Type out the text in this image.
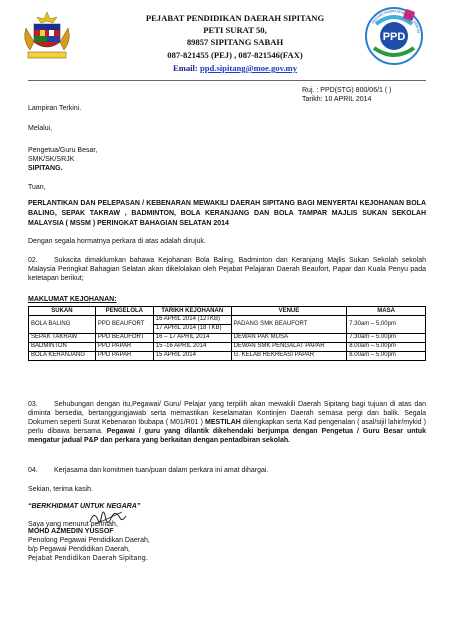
PEJABAT PENDIDIKAN DAERAH SIPITANG
PETI SURAT 50,
89857 SIPITANG SABAH
087-821455 (PEJ) , 087-821546(FAX)
Email: ppd.sipitang@moe.gov.my
PPD	PEJABAT PENDIDIKAN DAERAH SIPITANG
Ruj. : PPD(STG) 800/06/1 ( )
Tarikh: 10 APRIL 2014
Lampiran Terkini.
Melalui,
Pengetua/Guru Besar,
SMK/SK/SRJK
SIPITANG.
Tuan,
PERLANTIKAN DAN PELEPASAN / KEBENARAN MEWAKILI DAERAH SIPITANG BAGI MENYERTAI KEJOHANAN BOLA BALING, SEPAK TAKRAW , BADMINTON, BOLA KERANJANG DAN BOLA TAMPAR MAJLIS SUKAN SEKOLAH MALAYSIA ( MSSM ) PERINGKAT BAHAGIAN SELATAN 2014
Dengan segala hormatnya perkara di atas adalah dirujuk.
02.	Sukacita dimaklumkan bahawa Kejohanan Bola Baling, Badminton dan Keranjang Majlis Sukan Sekolah sekolah Malaysia Peringkat Bahagian Selatan akan dikelolakan oleh Pejabat Pelajaran Daerah Beaufort, Papar dan Kuala Penyu pada ketetapan berikut;
MAKLUMAT KEJOHANAN:
SUKAN	PENGELOLA	TARIKH KEJOHANAN	VENUE	MASA
BOLA BALING	PPD BEAUFORT	16 APRIL 2014 (12TKB)	PADANG SMK BEAUFORT	7.30am – 5.00pm
		17 APRIL 2014 (18 TKB)		
SEPAK TAKRAW	PPD BEAUFORT	16 – 17 APRIL 2014	DEWAN PAK MUSA	7.30am – 5.00pm
BADMINTON	PPD PAPAR	15 -16 APRIL 2014	DEWAN SMK PENGALAT PAPAR	8.00am – 5.00pm
BOLA KERANJANG	PPD PAPAR	15 APRIL 2014	G. KELAB REKREASI PAPAR	8.00am – 5.00pm
03.	Sehubungan dengan itu,Pegawai/ Guru/ Pelajar yang terpilih akan mewakili Daerah Sipitang bagi tujuan di atas dan diminta bersedia, bertanggungjawab serta memastikan keselamatan Kontinjen Daerah semasa pergi dan balik. Segala Dokumen seperti Surat Kebenaran Ibubapa ( M01/R01 ) MESTILAH dilengkapkan serta Kad pengenalan ( asal/sijil lahir/mykid ) perlu dibawa bersama. Pegawai / guru yang dilantik dikehendaki berjumpa dengan Pengetua / Guru Besar untuk mengatur jadual P&P dan perkara yang berkaitan dengan pentadbiran sekolah.
04. Kerjasama dan komitmen tuan/puan dalam perkara ini amat dihargai.
Sekian, terima kasih.
“BERKHIDMAT UNTUK NEGARA”
Saya yang menurut perintah,
MOHD AZMEDIN YUSSOF
Penolong Pegawai Pendidikan Daerah,
b/p Pegawai Pendidikan Daerah,
Pejabat Pendidikan Daerah Sipitang.
